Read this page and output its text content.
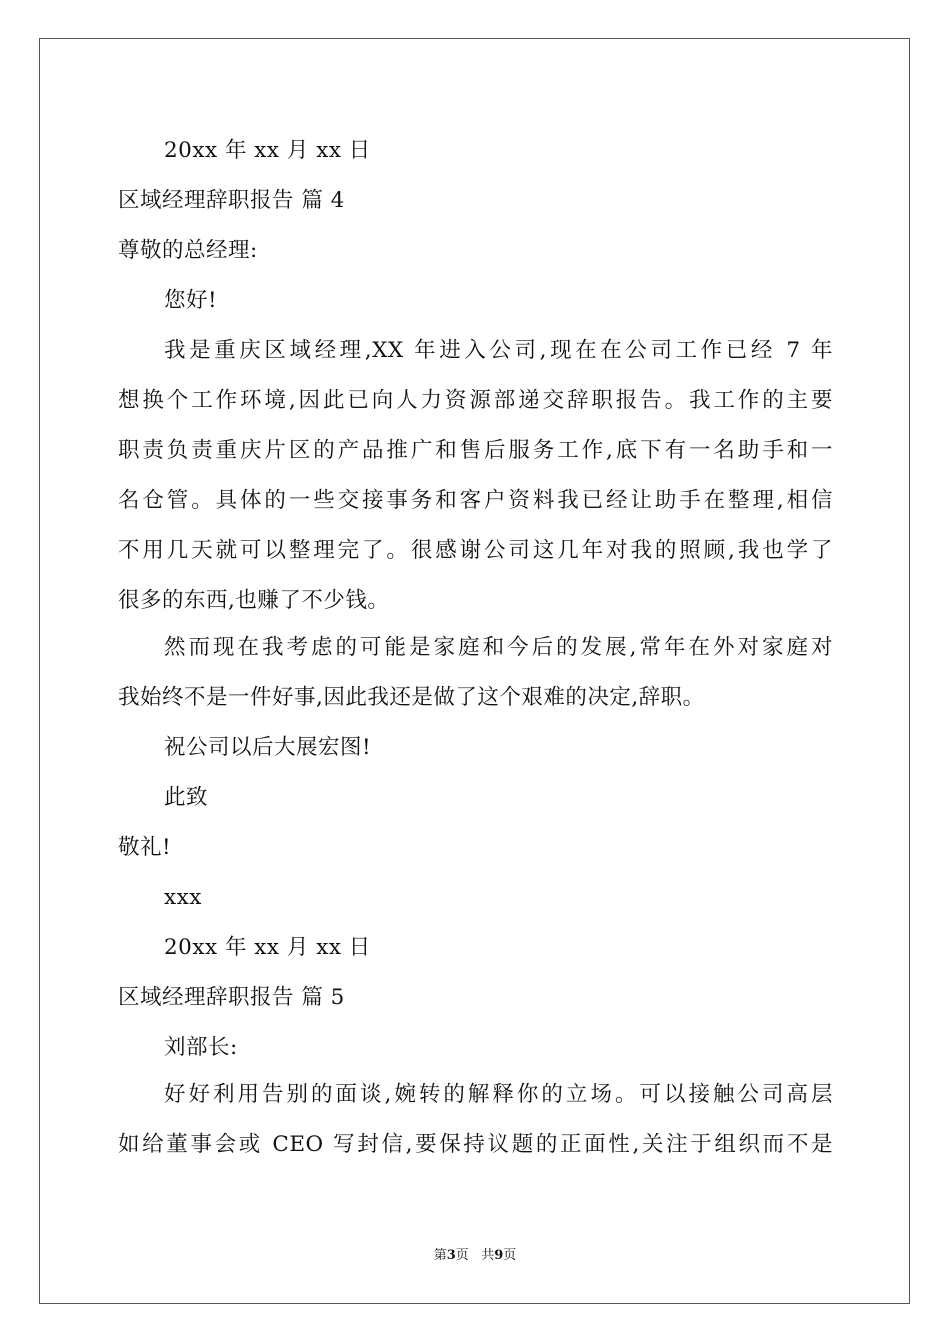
20xx 年 xx 月 xx 日
区域经理辞职报告 篇 4
尊敬的总经理:
您好!
我是重庆区域经理,XX 年进入公司,现在在公司工作已经 7 年
想换个工作环境,因此已向人力资源部递交辞职报告。我工作的主要
职责负责重庆片区的产品推广和售后服务工作,底下有一名助手和一
名仓管。具体的一些交接事务和客户资料我已经让助手在整理,相信
不用几天就可以整理完了。很感谢公司这几年对我的照顾,我也学了
很多的东西,也赚了不少钱。
然而现在我考虑的可能是家庭和今后的发展,常年在外对家庭对
我始终不是一件好事,因此我还是做了这个艰难的决定,辞职。
祝公司以后大展宏图!
此致
敬礼!
xxx
20xx 年 xx 月 xx 日
区域经理辞职报告 篇 5
刘部长:
好好利用告别的面谈,婉转的解释你的立场。可以接触公司高层
如给董事会或 CEO 写封信,要保持议题的正面性,关注于组织而不是
第3页   共9页
